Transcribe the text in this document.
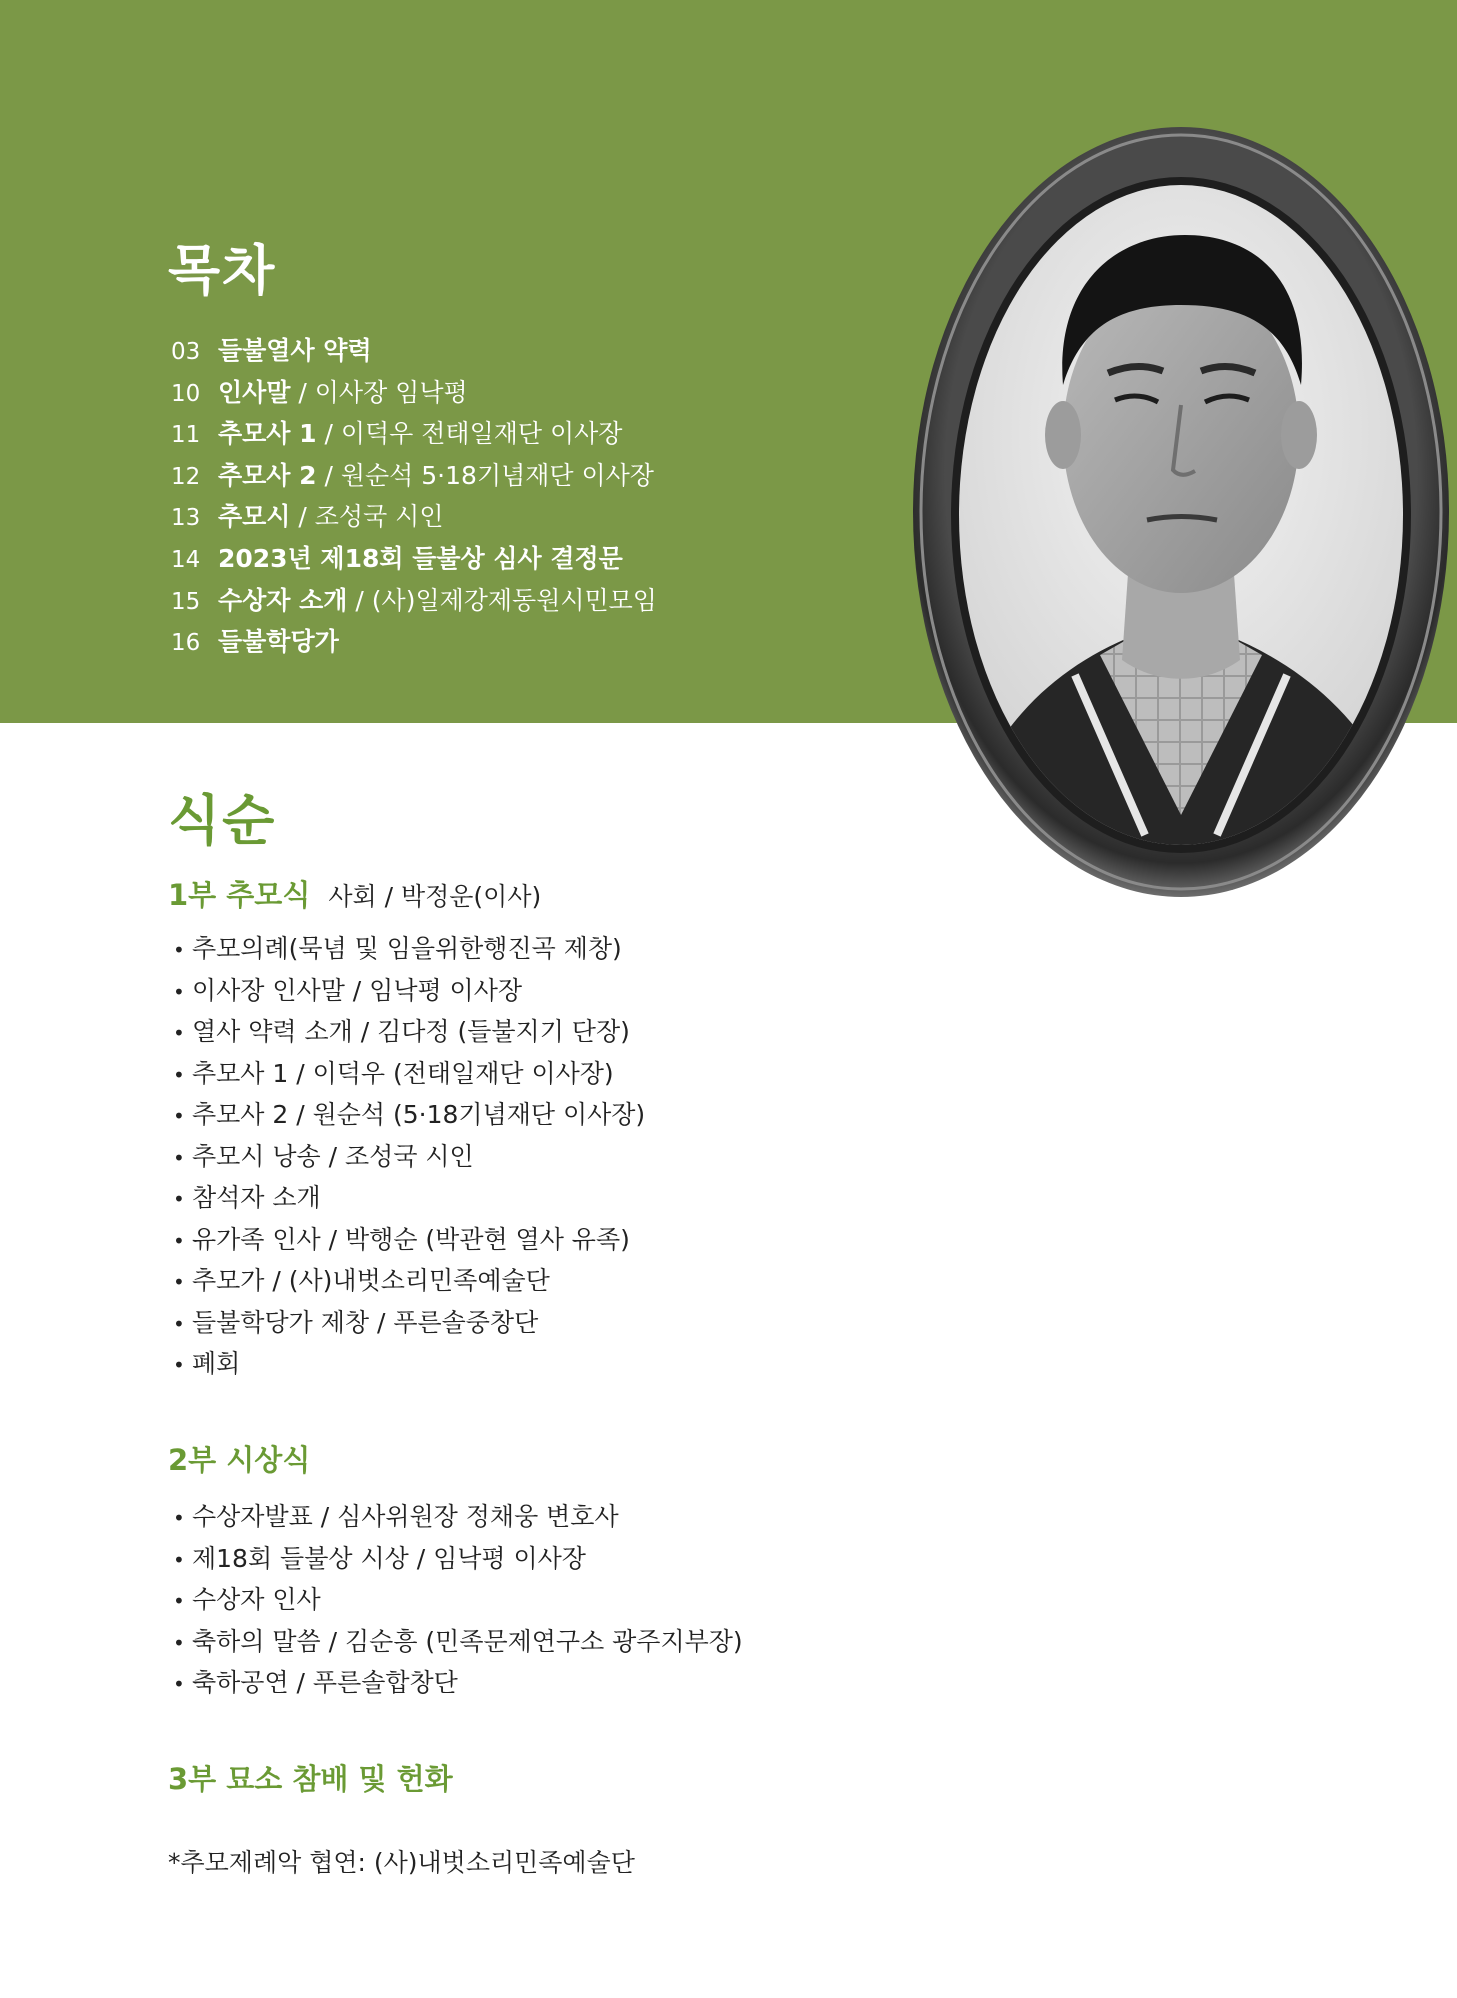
목차
03 들불열사 약력
10 인사말 / 이사장 임낙평
11 추모사 1 / 이덕우 전태일재단 이사장
12 추모사 2 / 원순석 5·18기념재단 이사장
13 추모시 / 조성국 시인
14 2023년 제18회 들불상 심사 결정문
15 수상자 소개 / (사)일제강제동원시민모임
16 들불학당가
식순
1부 추모식 사회 / 박정운(이사)
• 추모의례(묵념 및 임을위한행진곡 제창)
• 이사장 인사말 / 임낙평 이사장
• 열사 약력 소개 / 김다정 (들불지기 단장)
• 추모사 1 / 이덕우 (전태일재단 이사장)
• 추모사 2 / 원순석 (5·18기념재단 이사장)
• 추모시 낭송 / 조성국 시인
• 참석자 소개
• 유가족 인사 / 박행순 (박관현 열사 유족)
• 추모가 / (사)내벗소리민족예술단
• 들불학당가 제창 / 푸른솔중창단
• 폐회
2부 시상식
• 수상자발표 / 심사위원장 정채웅 변호사
• 제18회 들불상 시상 / 임낙평 이사장
• 수상자 인사
• 축하의 말씀 / 김순흥 (민족문제연구소 광주지부장)
• 축하공연 / 푸른솔합창단
3부 묘소 참배 및 헌화
*추모제례악 협연: (사)내벗소리민족예술단
